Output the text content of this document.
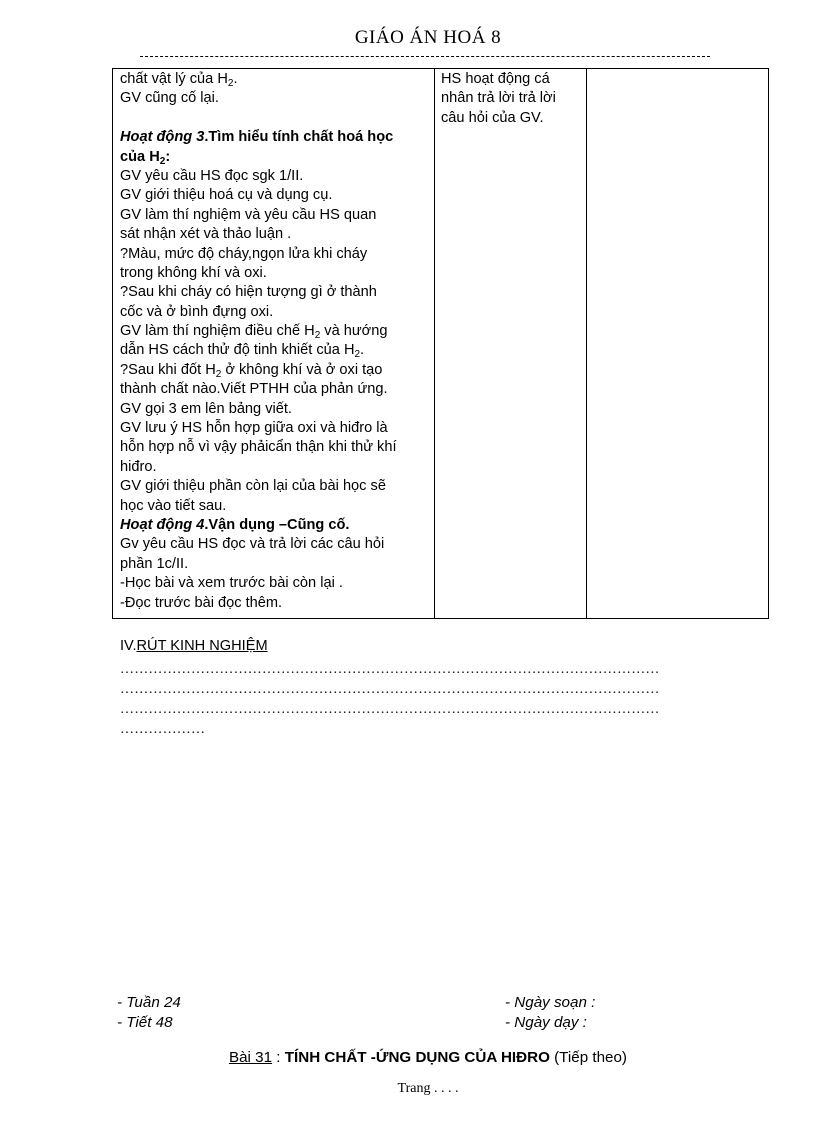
GIÁO ÁN HOÁ 8
chất vật lý của $H_2$.
GV cũng cố lại.
Hoạt động 3.Tìm hiểu tính chất hoá học
của $H_2$:
GV yêu cầu HS đọc sgk 1/II.
GV giới thiệu hoá cụ và dụng cụ.
GV làm thí nghiệm và yêu cầu HS quan
sát nhận xét và thảo luận .
?Màu, mức độ cháy,ngọn lửa khi cháy
trong không khí và oxi.
?Sau khi cháy có hiện tượng gì ở thành
cốc và ở bình đựng oxi.
GV làm thí nghiệm điều chế $H_2$ và hướng
dẫn HS cách thử độ tinh khiết của $H_2$.
?Sau khi đốt $H_2$ ở không khí và ở oxi tạo
thành chất nào.Viết PTHH của phản ứng.
GV gọi 3 em lên bảng viết.
GV lưu ý HS hỗn hợp giữa oxi và hiđro là
hỗn hợp nỗ vì vậy phảicẩn thận khi thử khí
hiđro.
GV giới thiệu phần còn lại của bài học sẽ
học vào tiết sau.
Hoạt động 4.Vận dụng –Cũng cố.
Gv yêu cầu HS đọc và trả lời các câu hỏi
phần 1c/II.
-Học bài và xem trước bài còn lại .
-Đọc trước bài đọc thêm.
HS hoạt động cá
nhân trả lời trả lời
câu hỏi của GV.
IV.RÚT KINH NGHIỆM
……………………………………………………………………………………………………
……………………………………………………………………………………………………
……………………………………………………………………………………………………
………………
- Tuần 24
- Tiết 48
- Ngày soạn :
- Ngày dạy :
Bài 31 : TÍNH CHẤT -ỨNG DỤNG CỦA HIĐRO (Tiếp theo)
Trang . . . .
